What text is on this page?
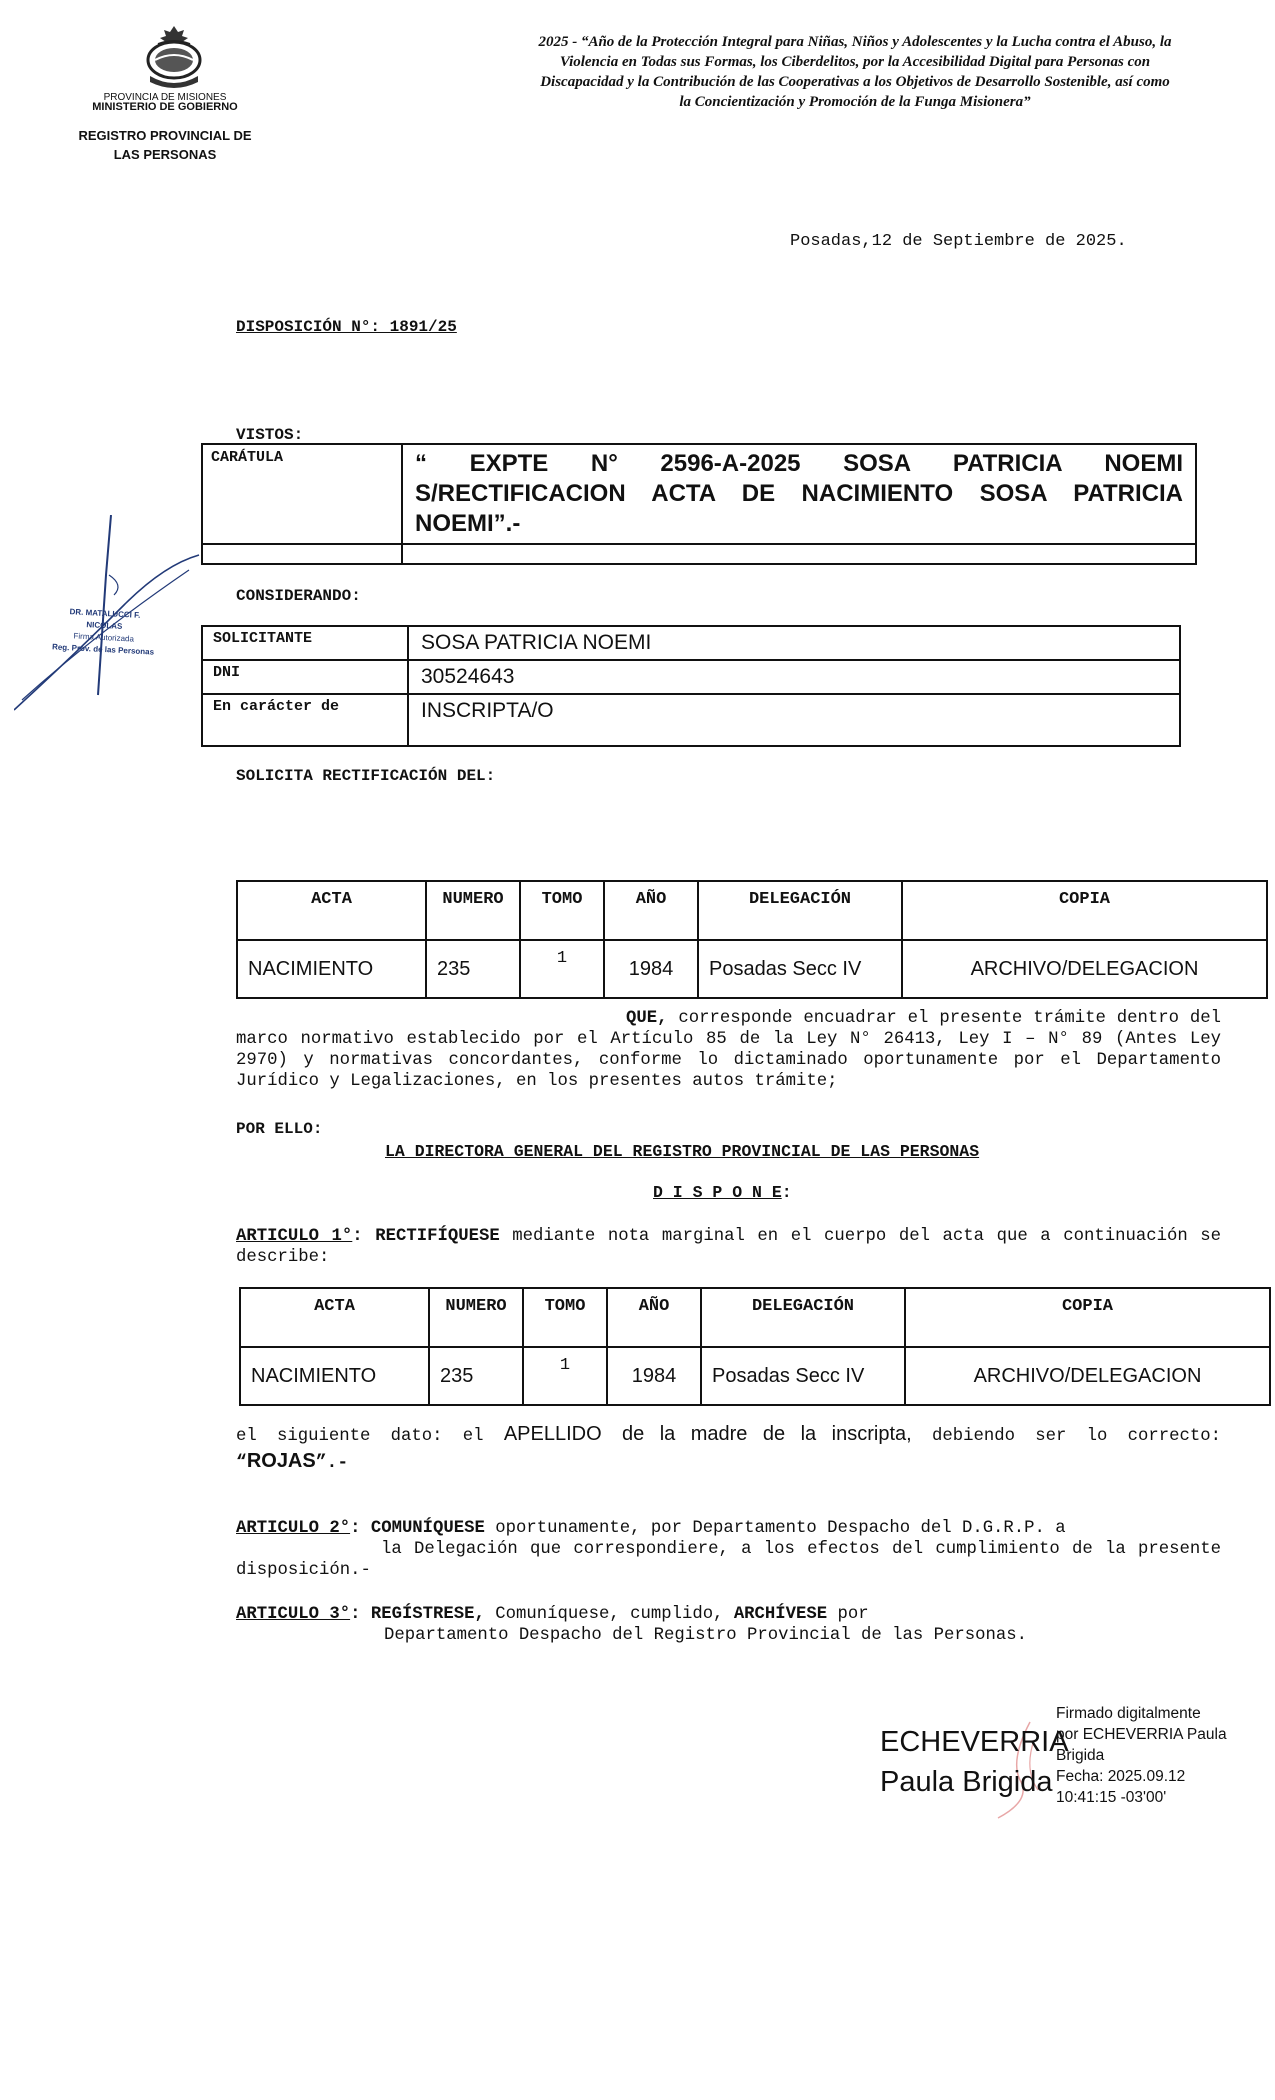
PROVINCIA DE MISIONES
MINISTERIO DE GOBIERNO
REGISTRO PROVINCIAL DE
LAS PERSONAS
2025 - “Año de la Protección Integral para Niñas, Niños y Adolescentes y la Lucha contra el Abuso, la Violencia en Todas sus Formas, los Ciberdelitos, por la Accesibilidad Digital para Personas con Discapacidad y la Contribución de las Cooperativas a los Objetivos de Desarrollo Sostenible, así como la Concientización y Promoción de la Funga Misionera”
Posadas,12 de Septiembre de 2025.
DISPOSICIÓN N°: 1891/25
VISTOS:
CARÁTULA	“ EXPTE N° 2596-A-2025 SOSA PATRICIA NOEMI S/RECTIFICACION ACTA DE NACIMIENTO SOSA PATRICIA NOEMI”.-

DR. MATALUCCI F. NICOLAS
Firma Autorizada
Reg. Prov. de las Personas
CONSIDERANDO:
SOLICITANTE	SOSA PATRICIA NOEMI
DNI	30524643
En carácter de	INSCRIPTA/O
SOLICITA RECTIFICACIÓN DEL:
ACTA	NUMERO	TOMO	AÑO	DELEGACIÓN	COPIA
NACIMIENTO	235	1	1984	Posadas Secc IV	ARCHIVO/DELEGACION
QUE, corresponde encuadrar el presente trámite dentro del marco normativo establecido por el Artículo 85 de la Ley N° 26413, Ley I – N° 89 (Antes Ley 2970) y normativas concordantes, conforme lo dictaminado oportunamente por el Departamento Jurídico y Legalizaciones, en los presentes autos trámite;
POR ELLO:
LA DIRECTORA GENERAL DEL REGISTRO PROVINCIAL DE LAS PERSONAS
D I S P O N E:
ARTICULO 1°: RECTIFÍQUESE mediante nota marginal en el cuerpo del acta que a continuación se describe:
ACTA	NUMERO	TOMO	AÑO	DELEGACIÓN	COPIA
NACIMIENTO	235	1	1984	Posadas Secc IV	ARCHIVO/DELEGACION
el siguiente dato: el APELLIDO de la madre de la inscripta, debiendo ser lo correcto:
“ROJAS”.-
ARTICULO 2°: COMUNÍQUESE oportunamente, por Departamento Despacho del D.G.R.P. a
la Delegación que correspondiere, a los efectos del cumplimiento de la presente disposición.-
ARTICULO 3°: REGÍSTRESE, Comuníquese, cumplido, ARCHÍVESE por
Departamento Despacho del Registro Provincial de las Personas.
ECHEVERRIA
Paula Brigida
Firmado digitalmente
por ECHEVERRIA Paula
Brigida
Fecha: 2025.09.12
10:41:15 -03'00'
